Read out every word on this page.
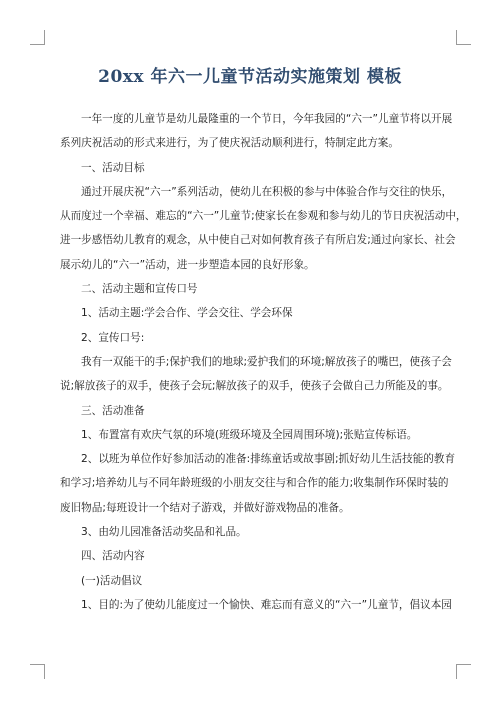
20xx 年六一儿童节活动实施策划 模板

一年一度的儿童节是幼儿最隆重的一个节日，今年我园的“六一”儿童节将以开展

系列庆祝活动的形式来进行，为了使庆祝活动顺利进行，特制定此方案。

一、活动目标

通过开展庆祝“六一”系列活动，使幼儿在积极的参与中体验合作与交往的快乐，

从而度过一个幸福、难忘的“六一”儿童节;使家长在参观和参与幼儿的节日庆祝活动中，

进一步感悟幼儿教育的观念，从中使自己对如何教育孩子有所启发;通过向家长、社会

展示幼儿的“六一”活动，进一步塑造本园的良好形象。

二、活动主题和宣传口号

1、活动主题:学会合作、学会交往、学会环保

2、宣传口号:

我有一双能干的手;保护我们的地球;爱护我们的环境;解放孩子的嘴巴，使孩子会

说;解放孩子的双手，使孩子会玩;解放孩子的双手，使孩子会做自己力所能及的事。

三、活动准备

1、布置富有欢庆气氛的环境(班级环境及全园周围环境);张贴宣传标语。

2、以班为单位作好参加活动的准备:排练童话或故事剧;抓好幼儿生活技能的教育

和学习;培养幼儿与不同年龄班级的小朋友交往与和合作的能力;收集制作环保时装的

废旧物品;每班设计一个结对子游戏，并做好游戏物品的准备。

3、由幼儿园准备活动奖品和礼品。

四、活动内容

(一)活动倡议

1、目的:为了使幼儿能度过一个愉快、难忘而有意义的“六一”儿童节，倡议本园
